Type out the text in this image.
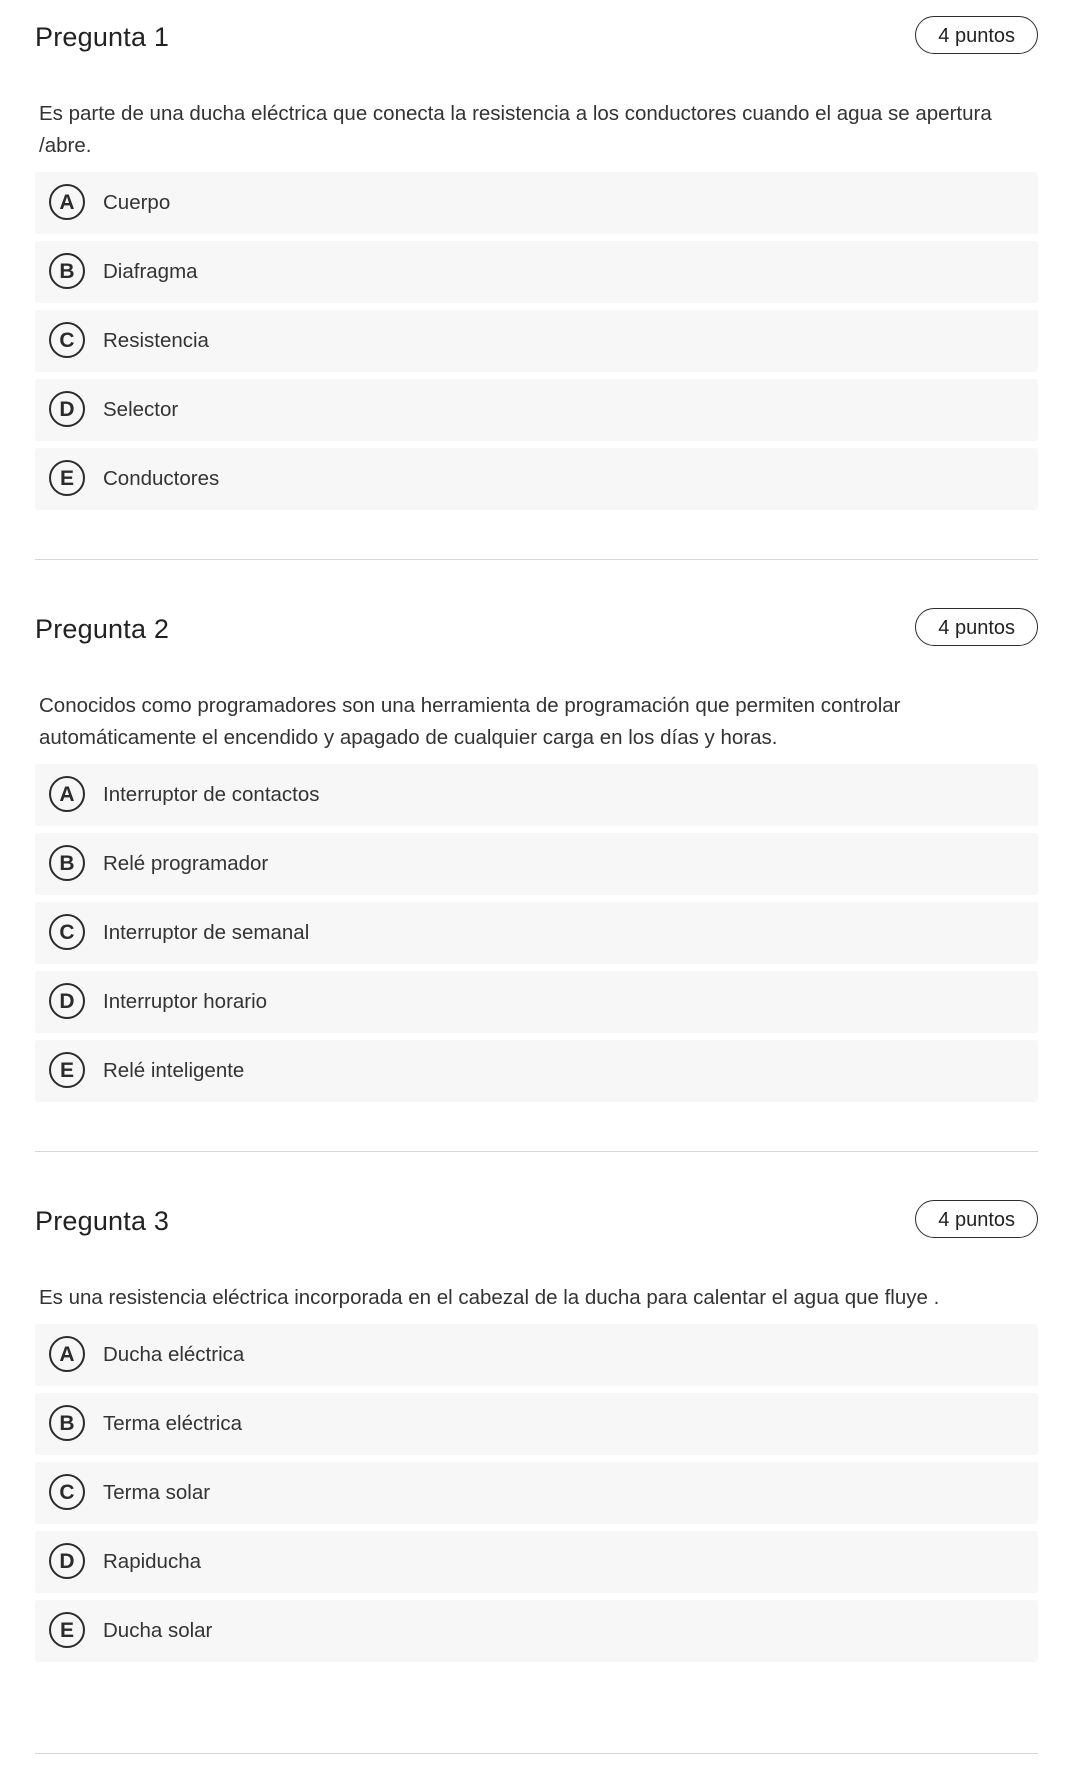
Pregunta 1	4 puntos
Es parte de una ducha eléctrica que conecta la resistencia a los conductores cuando el agua se apertura /abre.
A	Cuerpo
B	Diafragma
C	Resistencia
D	Selector
E	Conductores
Pregunta 2	4 puntos
Conocidos como programadores son una herramienta de programación que permiten controlar automáticamente el encendido y apagado de cualquier carga en los días y horas.
A	Interruptor de contactos
B	Relé programador
C	Interruptor de semanal
D	Interruptor horario
E	Relé inteligente
Pregunta 3	4 puntos
Es una resistencia eléctrica incorporada en el cabezal de la ducha para calentar el agua que fluye .
A	Ducha eléctrica
B	Terma eléctrica
C	Terma solar
D	Rapiducha
E	Ducha solar
